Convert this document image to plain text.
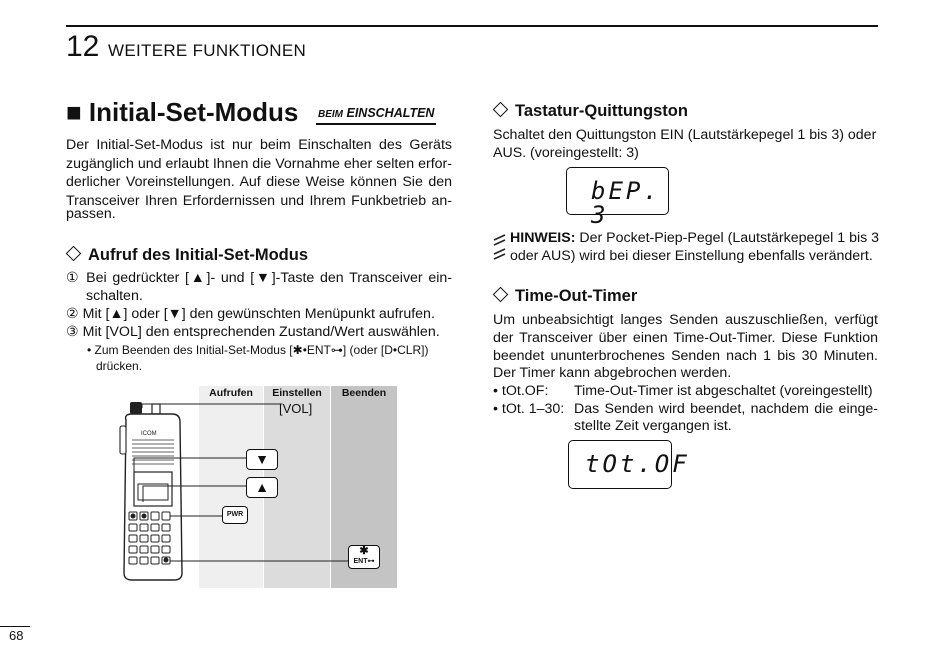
12 WEITERE FUNKTIONEN
■ Initial-Set-Modus BEIM EINSCHALTEN
Der Initial-Set-Modus ist nur beim Einschalten des Geräts
zugänglich und erlaubt Ihnen die Vornahme eher selten erfor-
derlicher Voreinstellungen. Auf diese Weise können Sie den
Transceiver Ihren Erfordernissen und Ihrem Funkbetrieb an-
passen.
Aufruf des Initial-Set-Modus
① Bei gedrückter [▲]- und [▼]-Taste den Transceiver ein-
schalten.
② Mit [▲] oder [▼] den gewünschten Menüpunkt aufrufen.
③ Mit [VOL] den entsprechenden Zustand/Wert auswählen.
• Zum Beenden des Initial-Set-Modus [✱•ENT⊶] (oder [D•CLR])
drücken.
Aufrufen	Einstellen	Beenden
ICOM
[VOL]
▼
▲
PWR
✱
ENT⊶
Tastatur-Quittungston
Schaltet den Quittungston EIN (Lautstärkepegel 1 bis 3) oder
AUS. (voreingestellt: 3)
bEP. 3
HINWEIS: Der Pocket-Piep-Pegel (Lautstärkepegel 1 bis 3
oder AUS) wird bei dieser Einstellung ebenfalls verändert.
Time-Out-Timer
Um unbeabsichtigt langes Senden auszuschließen, verfügt
der Transceiver über einen Time-Out-Timer. Diese Funktion
beendet ununterbrochenes Senden nach 1 bis 30 Minuten.
Der Timer kann abgebrochen werden.
• tOt.OF: Time-Out-Timer ist abgeschaltet (voreingestellt)
• tOt. 1–30: Das Senden wird beendet, nachdem die einge-
stellte Zeit vergangen ist.
tOt.OF
68
